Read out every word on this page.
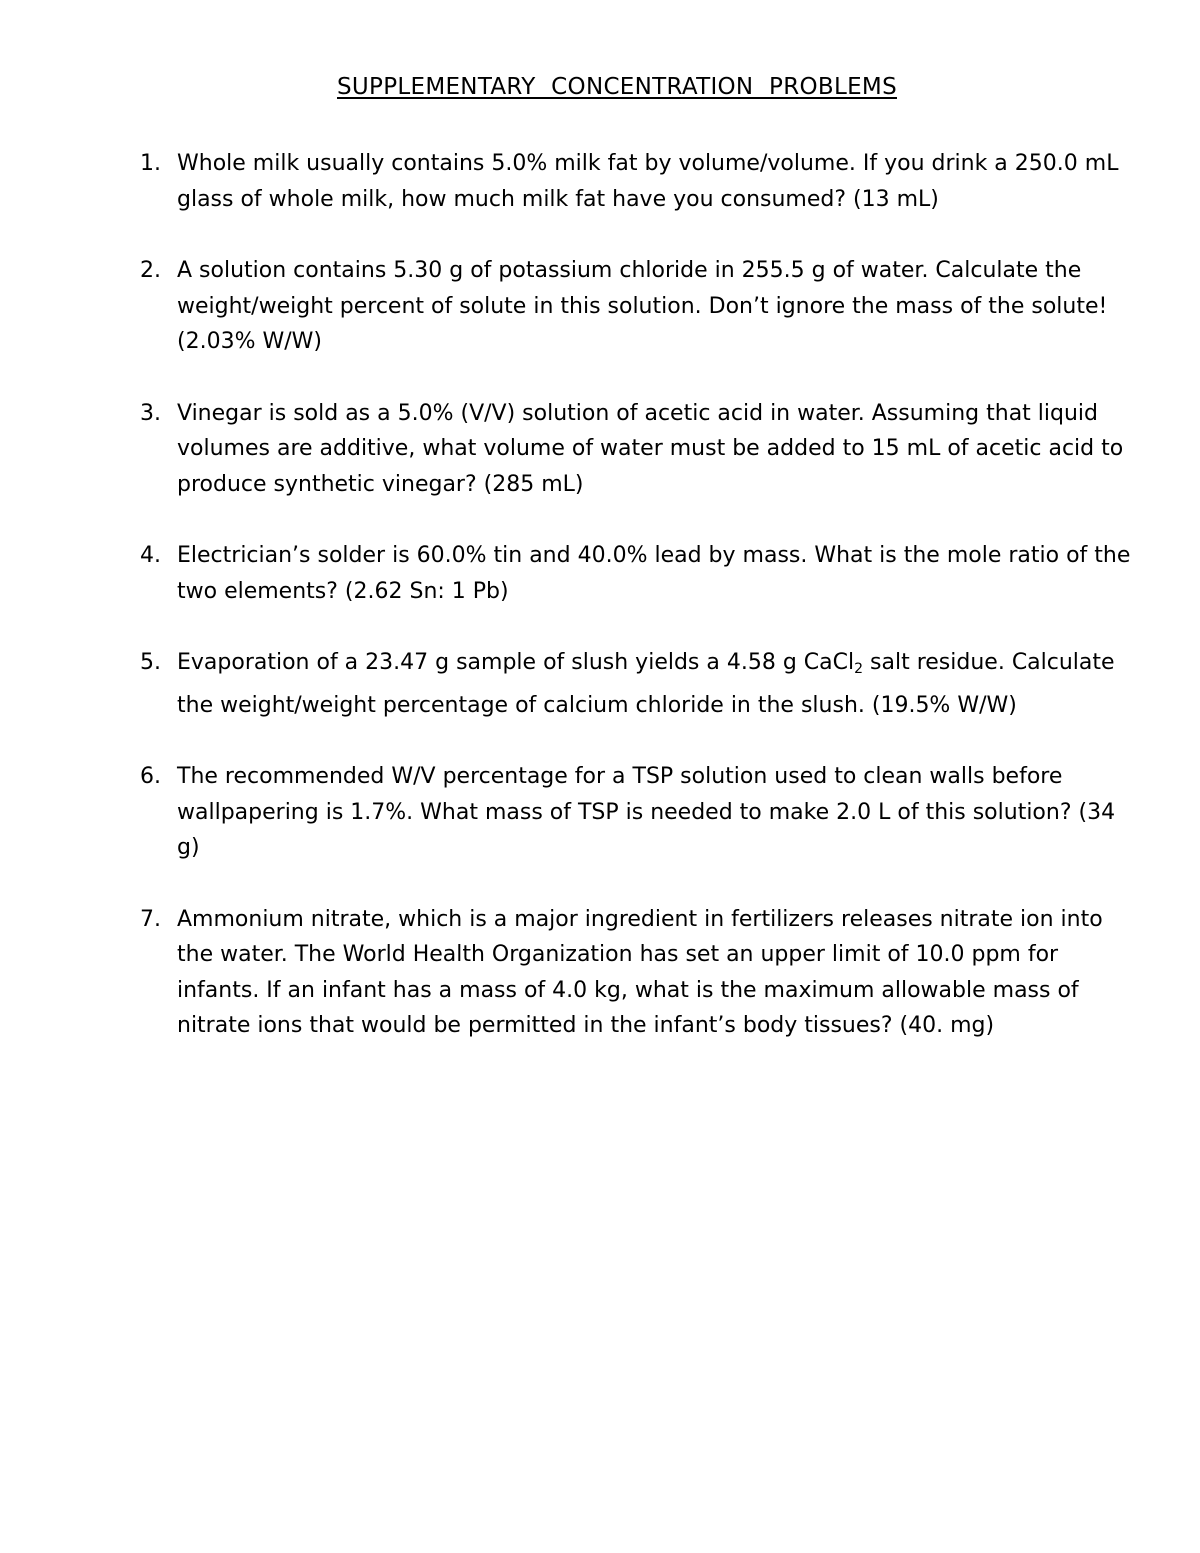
SUPPLEMENTARY CONCENTRATION PROBLEMS
1. Whole milk usually contains 5.0% milk fat by volume/volume. If you drink a 250.0 mL glass of whole milk, how much milk fat have you consumed? (13 mL)
2. A solution contains 5.30 g of potassium chloride in 255.5 g of water. Calculate the weight/weight percent of solute in this solution. Don’t ignore the mass of the solute! (2.03% W/W)
3. Vinegar is sold as a 5.0% (V/V) solution of acetic acid in water. Assuming that liquid volumes are additive, what volume of water must be added to 15 mL of acetic acid to produce synthetic vinegar? (285 mL)
4. Electrician’s solder is 60.0% tin and 40.0% lead by mass. What is the mole ratio of the two elements? (2.62 Sn: 1 Pb)
5. Evaporation of a 23.47 g sample of slush yields a 4.58 g CaCl$_2$ salt residue. Calculate the weight/weight percentage of calcium chloride in the slush. (19.5% W/W)
6. The recommended W/V percentage for a TSP solution used to clean walls before wallpapering is 1.7%. What mass of TSP is needed to make 2.0 L of this solution? (34 g)
7. Ammonium nitrate, which is a major ingredient in fertilizers releases nitrate ion into the water. The World Health Organization has set an upper limit of 10.0 ppm for infants. If an infant has a mass of 4.0 kg, what is the maximum allowable mass of nitrate ions that would be permitted in the infant’s body tissues? (40. mg)
